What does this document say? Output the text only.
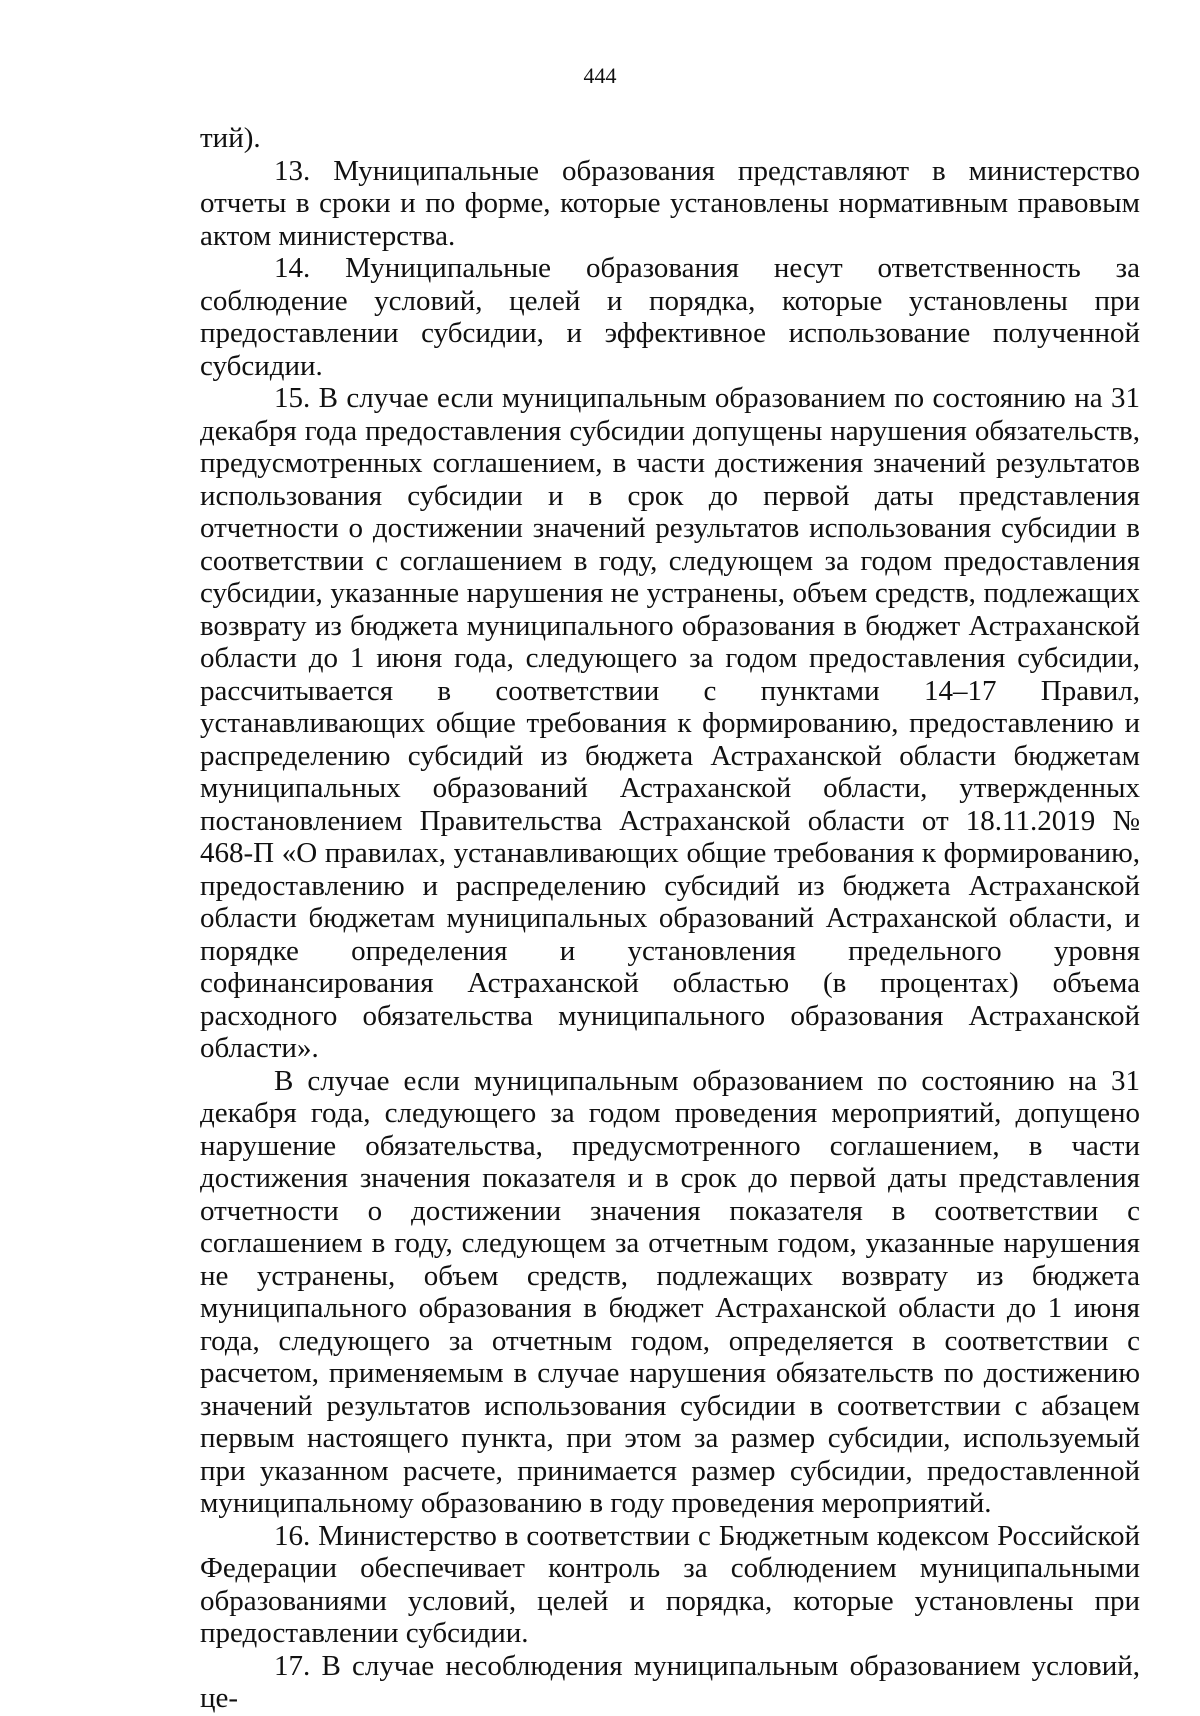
444

тий).

13. Муниципальные образования представляют в министерство отчеты в сроки и по форме, которые установлены нормативным правовым актом министерства.

14. Муниципальные образования несут ответственность за соблюдение условий, целей и порядка, которые установлены при предоставлении субсидии, и эффективное использование полученной субсидии.

15. В случае если муниципальным образованием по состоянию на 31 декабря года предоставления субсидии допущены нарушения обязательств, предусмотренных соглашением, в части достижения значений результатов использования субсидии и в срок до первой даты представления отчетности о достижении значений результатов использования субсидии в соответствии с соглашением в году, следующем за годом предоставления субсидии, указанные нарушения не устранены, объем средств, подлежащих возврату из бюджета муниципального образования в бюджет Астраханской области до 1 июня года, следующего за годом предоставления субсидии, рассчитывается в соответствии с пунктами 14–17 Правил, устанавливающих общие требования к формированию, предоставлению и распределению субсидий из бюджета Астраханской области бюджетам муниципальных образований Астраханской области, утвержденных постановлением Правительства Астраханской области от 18.11.2019 № 468-П «О правилах, устанавливающих общие требования к формированию, предоставлению и распределению субсидий из бюджета Астраханской области бюджетам муниципальных образований Астраханской области, и порядке определения и установления предельного уровня софинансирования Астраханской областью (в процентах) объема расходного обязательства муниципального образования Астраханской области».

В случае если муниципальным образованием по состоянию на 31 декабря года, следующего за годом проведения мероприятий, допущено нарушение обязательства, предусмотренного соглашением, в части достижения значения показателя и в срок до первой даты представления отчетности о достижении значения показателя в соответствии с соглашением в году, следующем за отчетным годом, указанные нарушения не устранены, объем средств, подлежащих возврату из бюджета муниципального образования в бюджет Астраханской области до 1 июня года, следующего за отчетным годом, определяется в соответствии с расчетом, применяемым в случае нарушения обязательств по достижению значений результатов использования субсидии в соответствии с абзацем первым настоящего пункта, при этом за размер субсидии, используемый при указанном расчете, принимается размер субсидии, предоставленной муниципальному образованию в году проведения мероприятий.

16. Министерство в соответствии с Бюджетным кодексом Российской Федерации обеспечивает контроль за соблюдением муниципальными образованиями условий, целей и порядка, которые установлены при предоставлении субсидии.

17. В случае несоблюдения муниципальным образованием условий, це-
